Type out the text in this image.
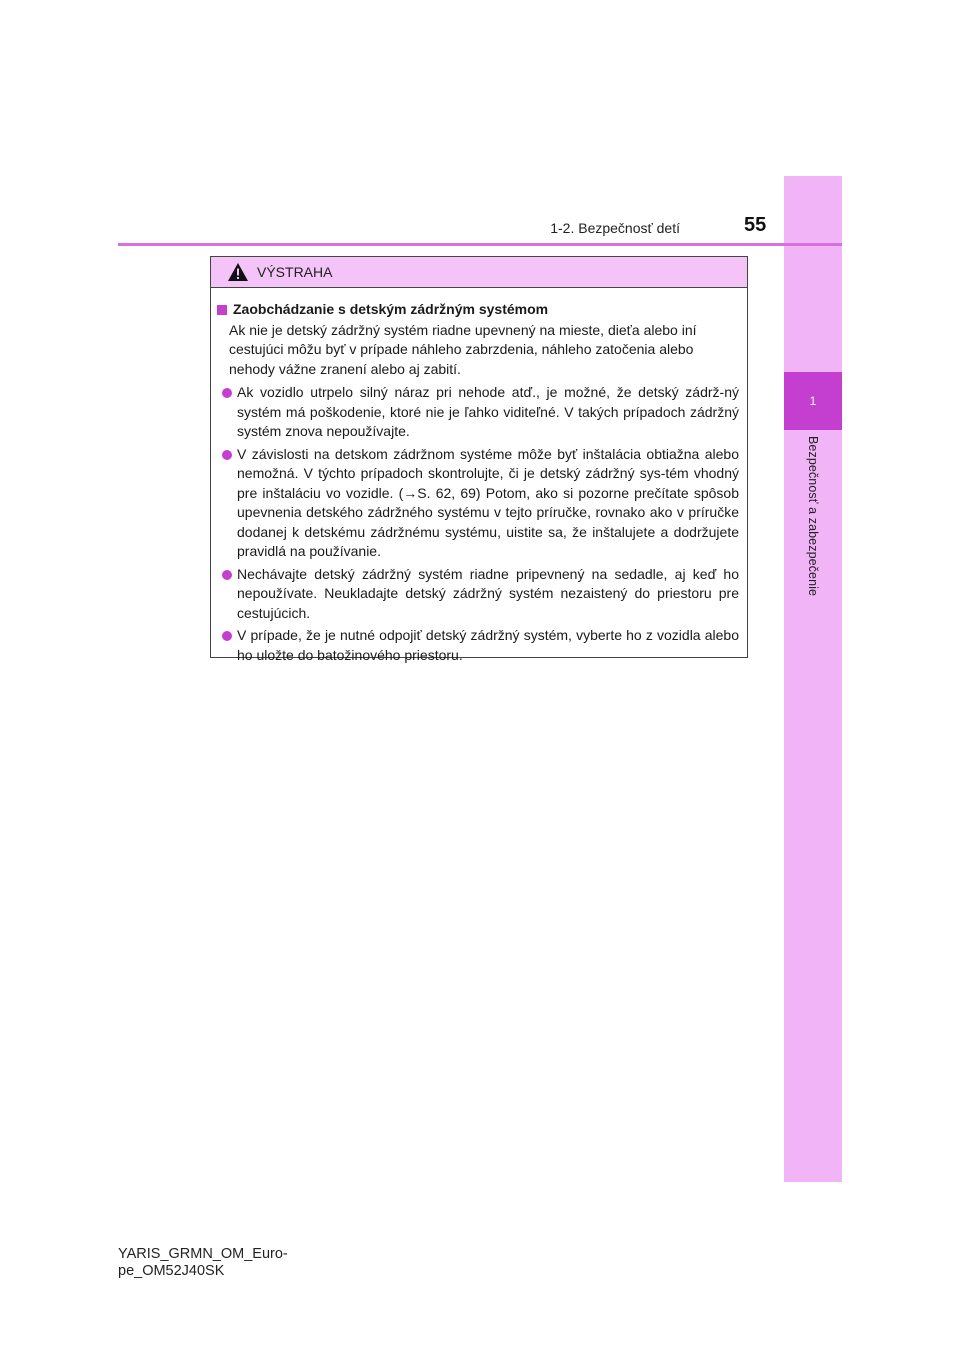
1
Bezpečnosť a zabezpečenie
1-2. Bezpečnosť detí	55
VÝSTRAHA
Zaobchádzanie s detským zádržným systémom
Ak nie je detský zádržný systém riadne upevnený na mieste, dieťa alebo iní cestujúci môžu byť v prípade náhleho zabrzdenia, náhleho zatočenia alebo nehody vážne zranení alebo aj zabití.
Ak vozidlo utrpelo silný náraz pri nehode atď., je možné, že detský zádrž-ný systém má poškodenie, ktoré nie je ľahko viditeľné. V takých prípadoch zádržný systém znova nepoužívajte.
V závislosti na detskom zádržnom systéme môže byť inštalácia obtiažna alebo nemožná. V týchto prípadoch skontrolujte, či je detský zádržný sys-tém vhodný pre inštaláciu vo vozidle. (→S. 62, 69) Potom, ako si pozorne prečítate spôsob upevnenia detského zádržného systému v tejto príručke, rovnako ako v príručke dodanej k detskému zádržnému systému, uistite sa, že inštalujete a dodržujete pravidlá na používanie.
Nechávajte detský zádržný systém riadne pripevnený na sedadle, aj keď ho nepoužívate. Neukladajte detský zádržný systém nezaistený do priestoru pre cestujúcich.
V prípade, že je nutné odpojiť detský zádržný systém, vyberte ho z vozidla alebo ho uložte do batožinového priestoru.
YARIS_GRMN_OM_Euro-
pe_OM52J40SK
